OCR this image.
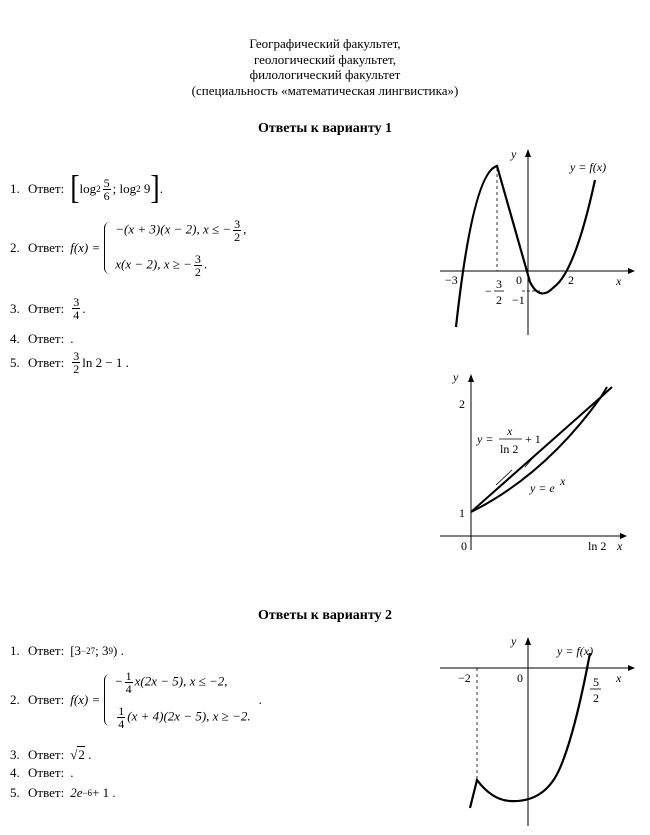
Географический факультет,
геологический факультет,
филологический факультет
(специальность «математическая лингвистика»)
Ответы к варианту 1
1. Ответ: [ $\log 2 \frac{5}{6}$ ; log 2
9 ] .
2. Ответ: f(x) =
−(x + 3)(x − 2), x ≤ − $\frac{3}{2}$ ,
x(x − 2), x ≥ − $\frac{3}{2}$ .
3. Ответ: $\frac{3}{4}$ .
4. Ответ: .
5. Ответ: $\frac{3}{2}$ ln 2 − 1
.
y
x
y = f(x)
−3
− 3
2
0	2
−1
y
x
2
1
0	ln 2
y =
x
ln 2
+ 1
y = e x
Ответы к варианту 2
1. Ответ: [3 −27 ; 3 9 ) .
2. Ответ: f(x) =
− $\frac{1}{4} x(2x - 5)$, x ≤ −2,
$\frac{1}{4} (x + 4)(2x - 5)$, x ≥ −2.
.
3. Ответ: √ 2
.
4. Ответ: .
5. Ответ: 2e −6 + 1
.
y
x
y = f(x)
−2	0	5
2
